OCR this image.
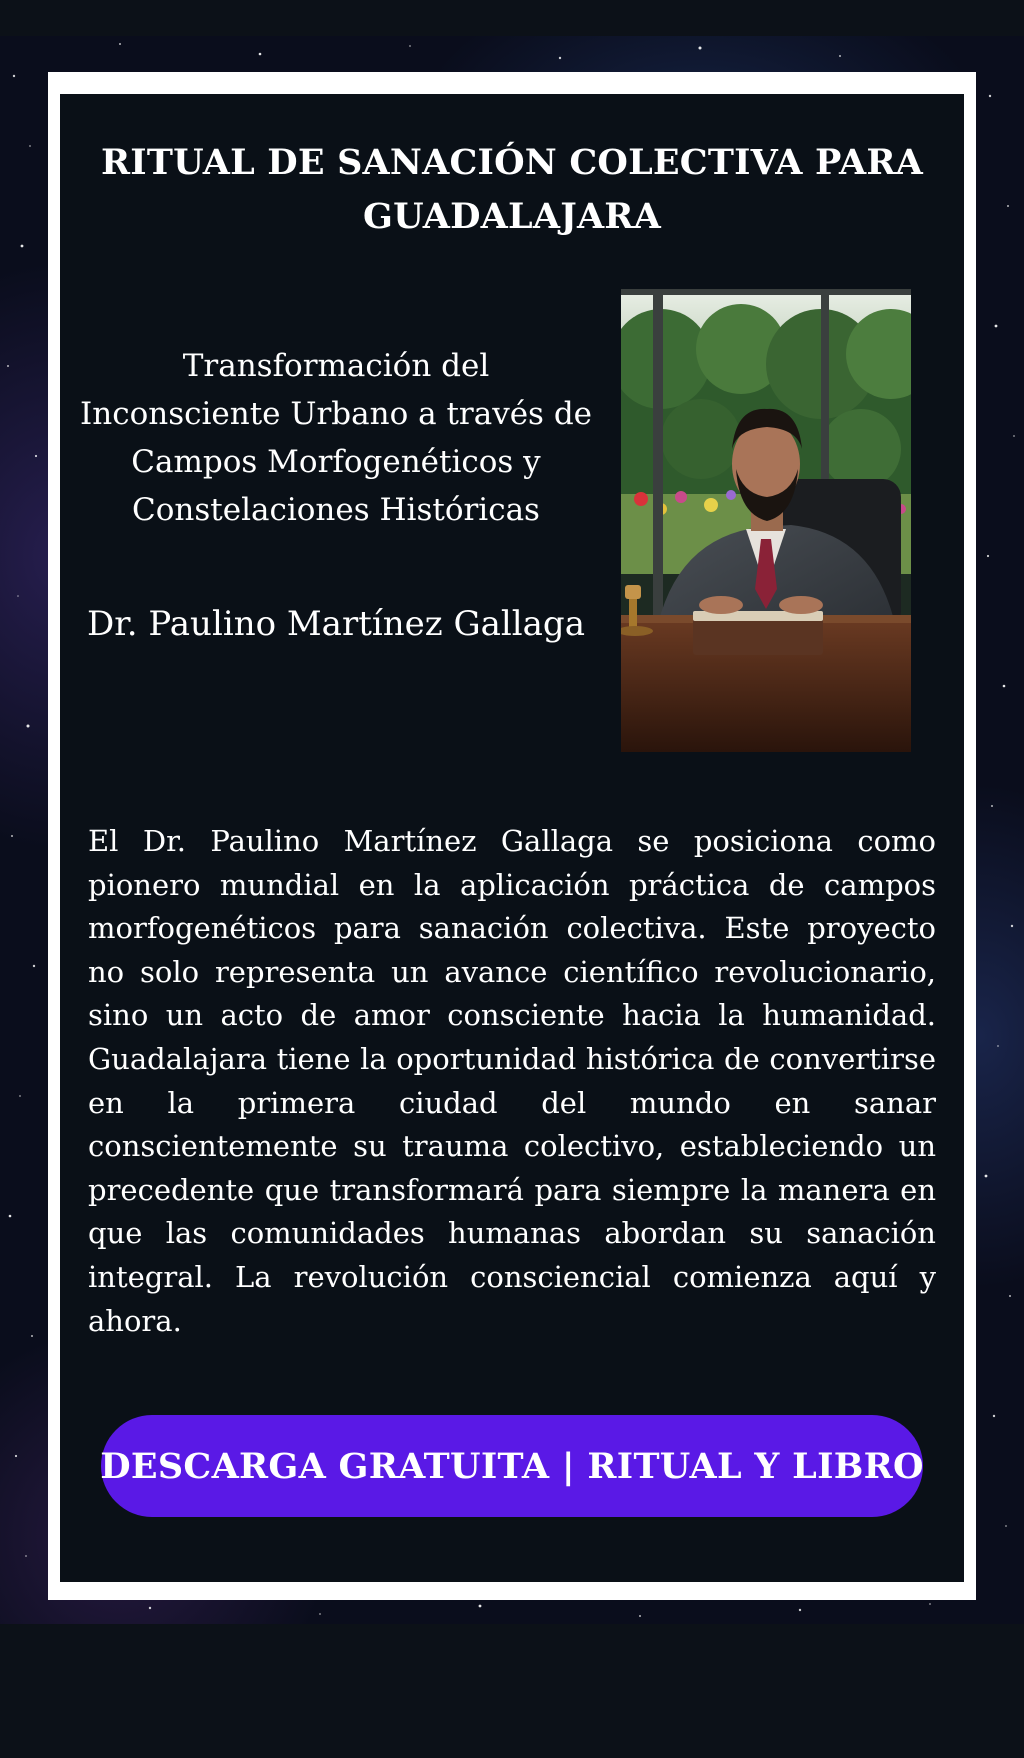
RITUAL DE SANACIÓN COLECTIVA PARA GUADALAJARA

Transformación del Inconsciente Urbano a través de Campos Morfogenéticos y Constelaciones Históricas

Dr. Paulino Martínez Gallaga

El Dr. Paulino Martínez Gallaga se posiciona como pionero mundial en la aplicación práctica de campos morfogenéticos para sanación colectiva. Este proyecto no solo representa un avance científico revolucionario, sino un acto de amor consciente hacia la humanidad. Guadalajara tiene la oportunidad histórica de convertirse en la primera ciudad del mundo en sanar conscientemente su trauma colectivo, estableciendo un precedente que transformará para siempre la manera en que las comunidades humanas abordan su sanación integral. La revolución consciencial comienza aquí y ahora.

DESCARGA GRATUITA | RITUAL Y LIBRO
